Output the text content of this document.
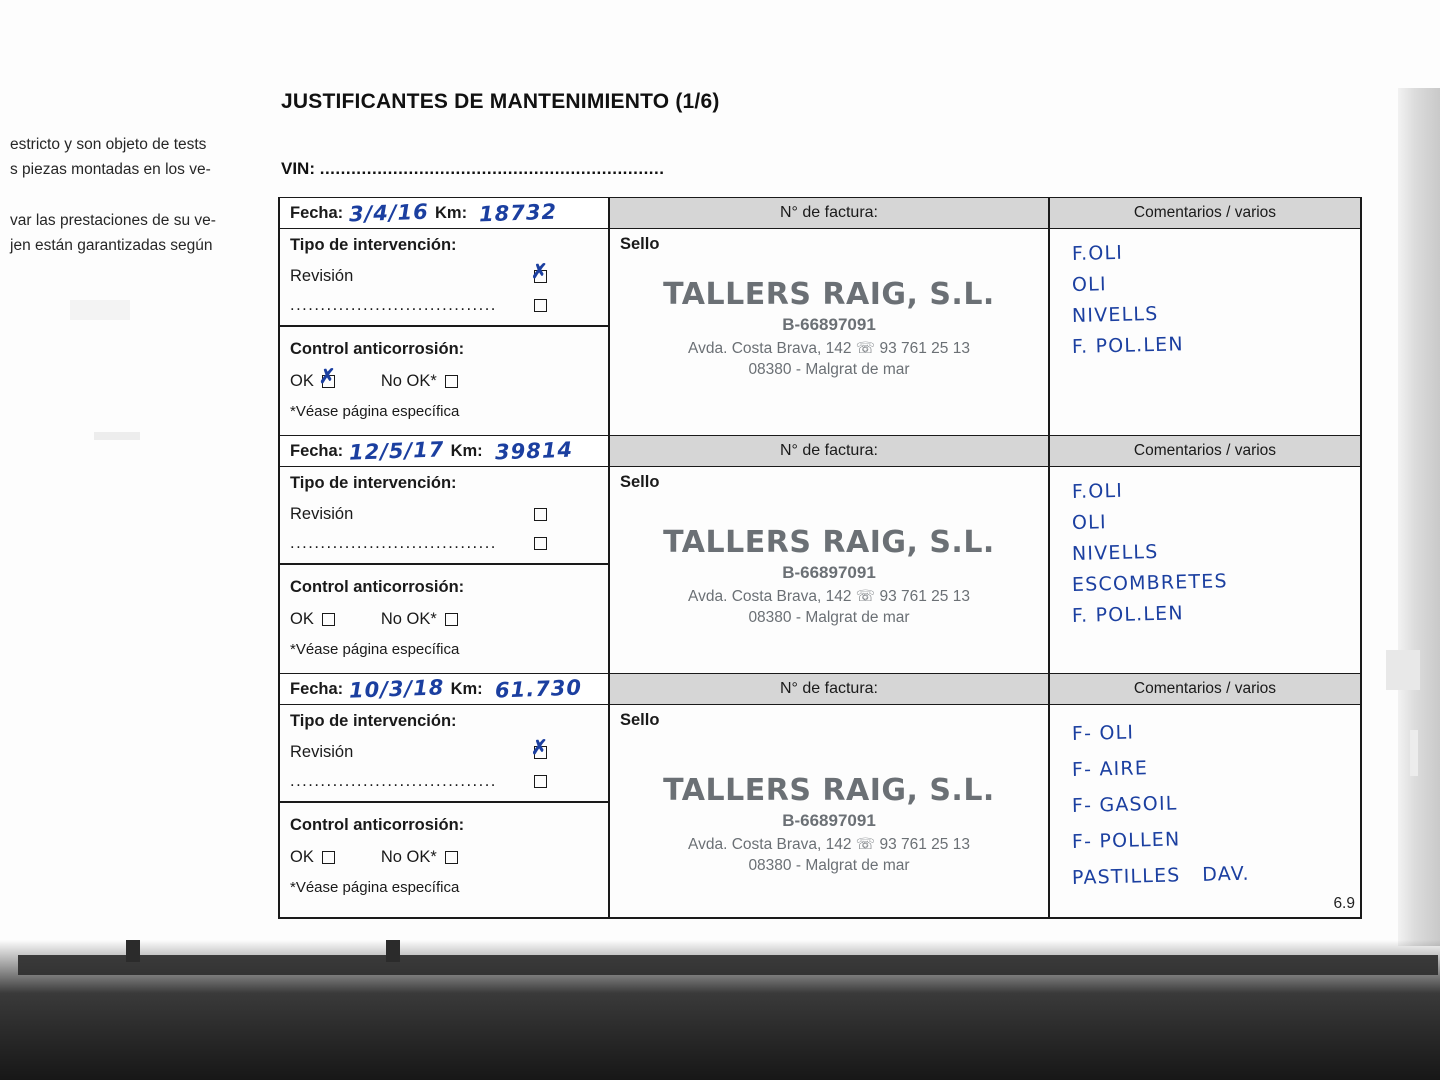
estricto y son objeto de tests
s piezas montadas en los ve-
var las prestaciones de su ve-
jen están garantizadas según
JUSTIFICANTES DE MANTENIMIENTO (1/6)
VIN: ..................................................................
Fecha: 3/4/16 Km: 18732	N° de factura:	Comentarios / varios
Tipo de intervención:
Revisión
✗
..................................
Control anticorrosión:
OK ✗	No OK*
*Véase página específica
Sello
TALLERS RAIG, S.L.
B-66897091
Avda. Costa Brava, 142 ☏ 93 761 25 13
08380 - Malgrat de mar
F.OLI
OLI
NIVELLS
F. POL.LEN
Fecha: 12/5/17 Km: 39814	N° de factura:	Comentarios / varios
Tipo de intervención:
Revisión
..................................
Control anticorrosión:
OK	No OK*
*Véase página específica
Sello
TALLERS RAIG, S.L.
B-66897091
Avda. Costa Brava, 142 ☏ 93 761 25 13
08380 - Malgrat de mar
F.OLI
OLI
NIVELLS
ESCOMBRETES
F. POL.LEN
Fecha: 10/3/18 Km: 61.730	N° de factura:	Comentarios / varios
Tipo de intervención:
Revisión
✗
..................................
Control anticorrosión:
OK	No OK*
*Véase página específica
Sello
TALLERS RAIG, S.L.
B-66897091
Avda. Costa Brava, 142 ☏ 93 761 25 13
08380 - Malgrat de mar
F- OLI
F- AIRE
F- GASOIL
F- POLLEN
PASTILLES   DAV.
6.9
